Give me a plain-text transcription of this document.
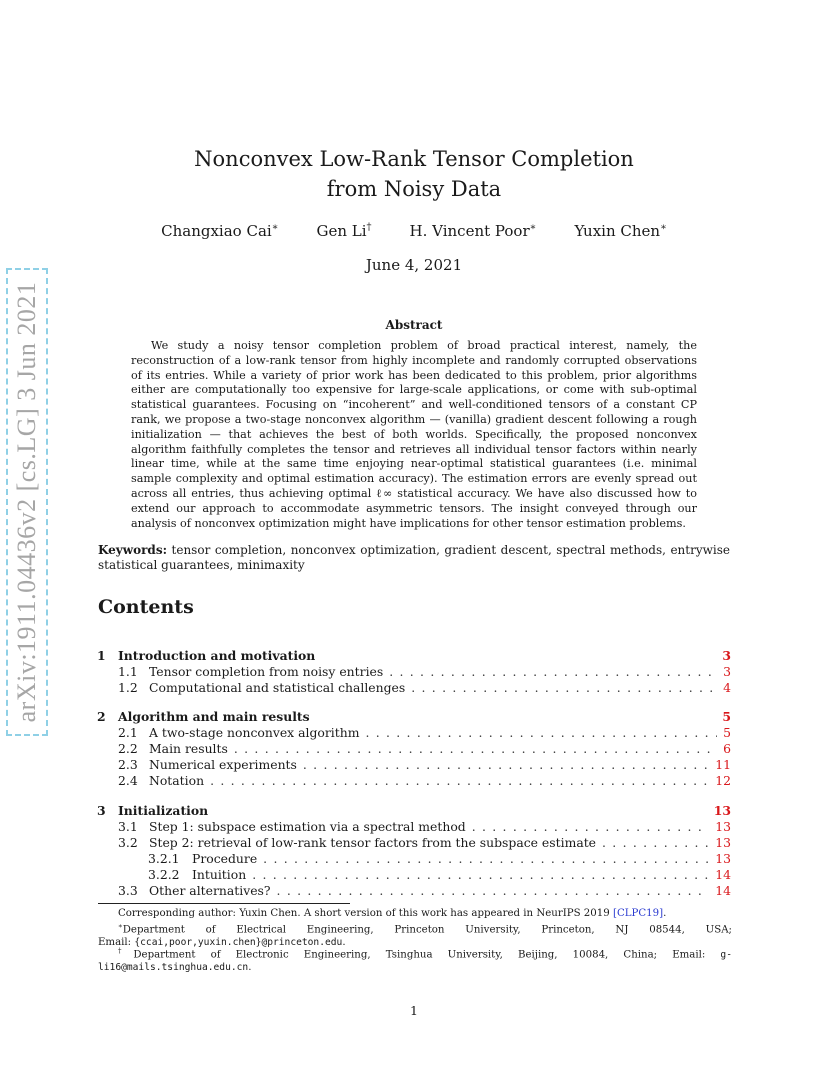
arXiv:1911.04436v2 [cs.LG] 3 Jun 2021
Nonconvex Low-Rank Tensor Completion
from Noisy Data
Changxiao Cai∗	Gen Li†	H. Vincent Poor∗	Yuxin Chen∗
June 4, 2021
Abstract

We study a noisy tensor completion problem of broad practical interest, namely, the reconstruction of a low-rank tensor from highly incomplete and randomly corrupted observations of its entries. While a variety of prior work has been dedicated to this problem, prior algorithms either are computationally too expensive for large-scale applications, or come with sub-optimal statistical guarantees. Focusing on “incoherent” and well-conditioned tensors of a constant CP rank, we propose a two-stage nonconvex algorithm — (vanilla) gradient descent following a rough initialization — that achieves the best of both worlds. Specifically, the proposed nonconvex algorithm faithfully completes the tensor and retrieves all individual tensor factors within nearly linear time, while at the same time enjoying near-optimal statistical guarantees (i.e. minimal sample complexity and optimal estimation accuracy). The estimation errors are evenly spread out across all entries, thus achieving optimal ℓ∞ statistical accuracy. We have also discussed how to extend our approach to accommodate asymmetric tensors. The insight conveyed through our analysis of nonconvex optimization might have implications for other tensor estimation problems.

Keywords: tensor completion, nonconvex optimization, gradient descent, spectral methods, entrywise statistical guarantees, minimaxity

Contents
1 Introduction and motivation	3
1.1 Tensor completion from noisy entries . . .	3
1.2 Computational and statistical challenges . . .	4
2 Algorithm and main results	5
2.1 A two-stage nonconvex algorithm . . .	5
2.2 Main results . . .	6
2.3 Numerical experiments . . .	11
2.4 Notation . . .	12
3 Initialization	13
3.1 Step 1: subspace estimation via a spectral method . . .	13
3.2 Step 2: retrieval of low-rank tensor factors from the subspace estimate . . .	13
3.2.1	Procedure . . .	13
3.2.2	Intuition . . .	14
3.3 Other alternatives? . . .	14

Corresponding author: Yuxin Chen. A short version of this work has appeared in NeurIPS 2019 [CLPC19].

∗Department of Electrical Engineering, Princeton University, Princeton, NJ 08544, USA; Email: {ccai,poor,yuxin.chen}@princeton.edu.

†Department of Electronic Engineering, Tsinghua University, Beijing, 10084, China; Email: g-li16@mails.tsinghua.edu.cn.

1
